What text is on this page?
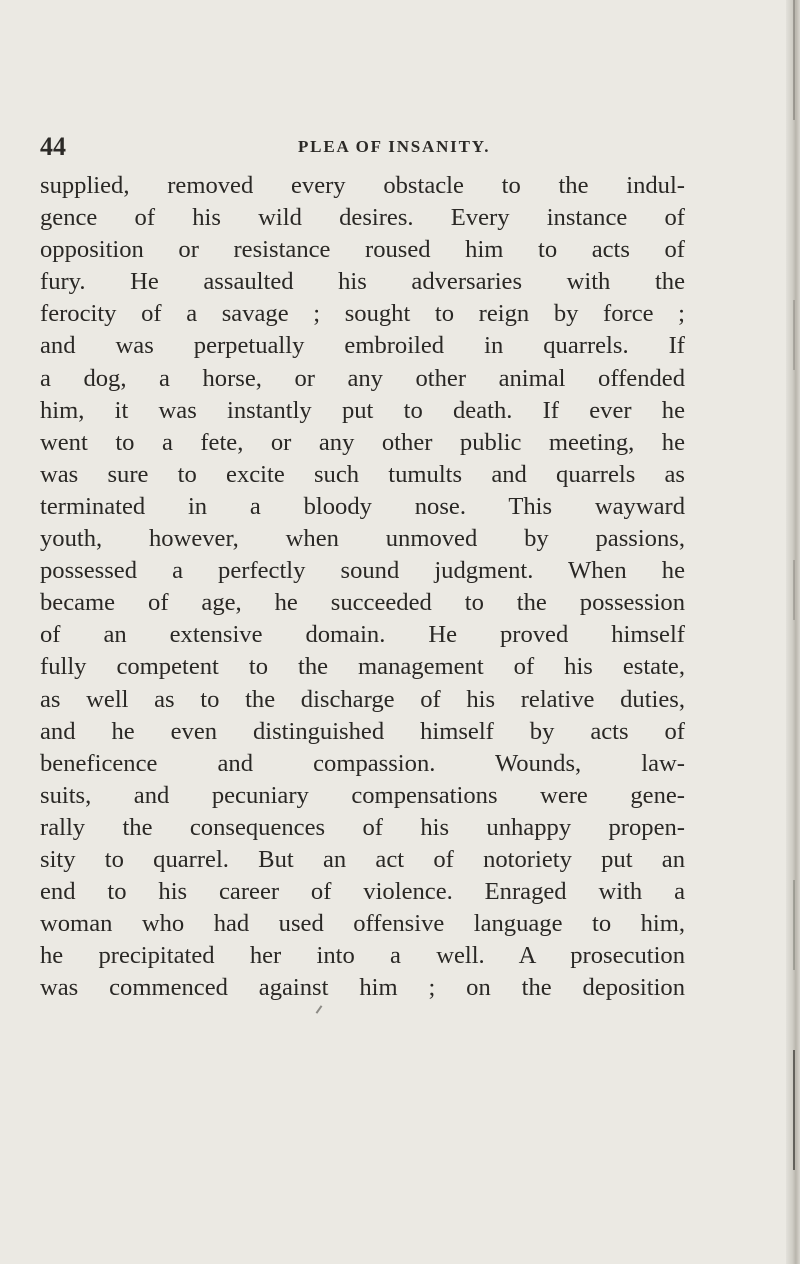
44	PLEA OF INSANITY.
supplied, removed every obstacle to the indul-
gence of his wild desires. Every instance of
opposition or resistance roused him to acts of
fury. He assaulted his adversaries with the
ferocity of a savage ; sought to reign by force ;
and was perpetually embroiled in quarrels. If
a dog, a horse, or any other animal offended
him, it was instantly put to death. If ever he
went to a fete, or any other public meeting, he
was sure to excite such tumults and quarrels as
terminated in a bloody nose. This wayward
youth, however, when unmoved by passions,
possessed a perfectly sound judgment. When he
became of age, he succeeded to the possession
of an extensive domain. He proved himself
fully competent to the management of his estate,
as well as to the discharge of his relative duties,
and he even distinguished himself by acts of
beneficence and compassion. Wounds, law-
suits, and pecuniary compensations were gene-
rally the consequences of his unhappy propen-
sity to quarrel. But an act of notoriety put an
end to his career of violence. Enraged with a
woman who had used offensive language to him,
he precipitated her into a well. A prosecution
was commenced against him ; on the deposition
